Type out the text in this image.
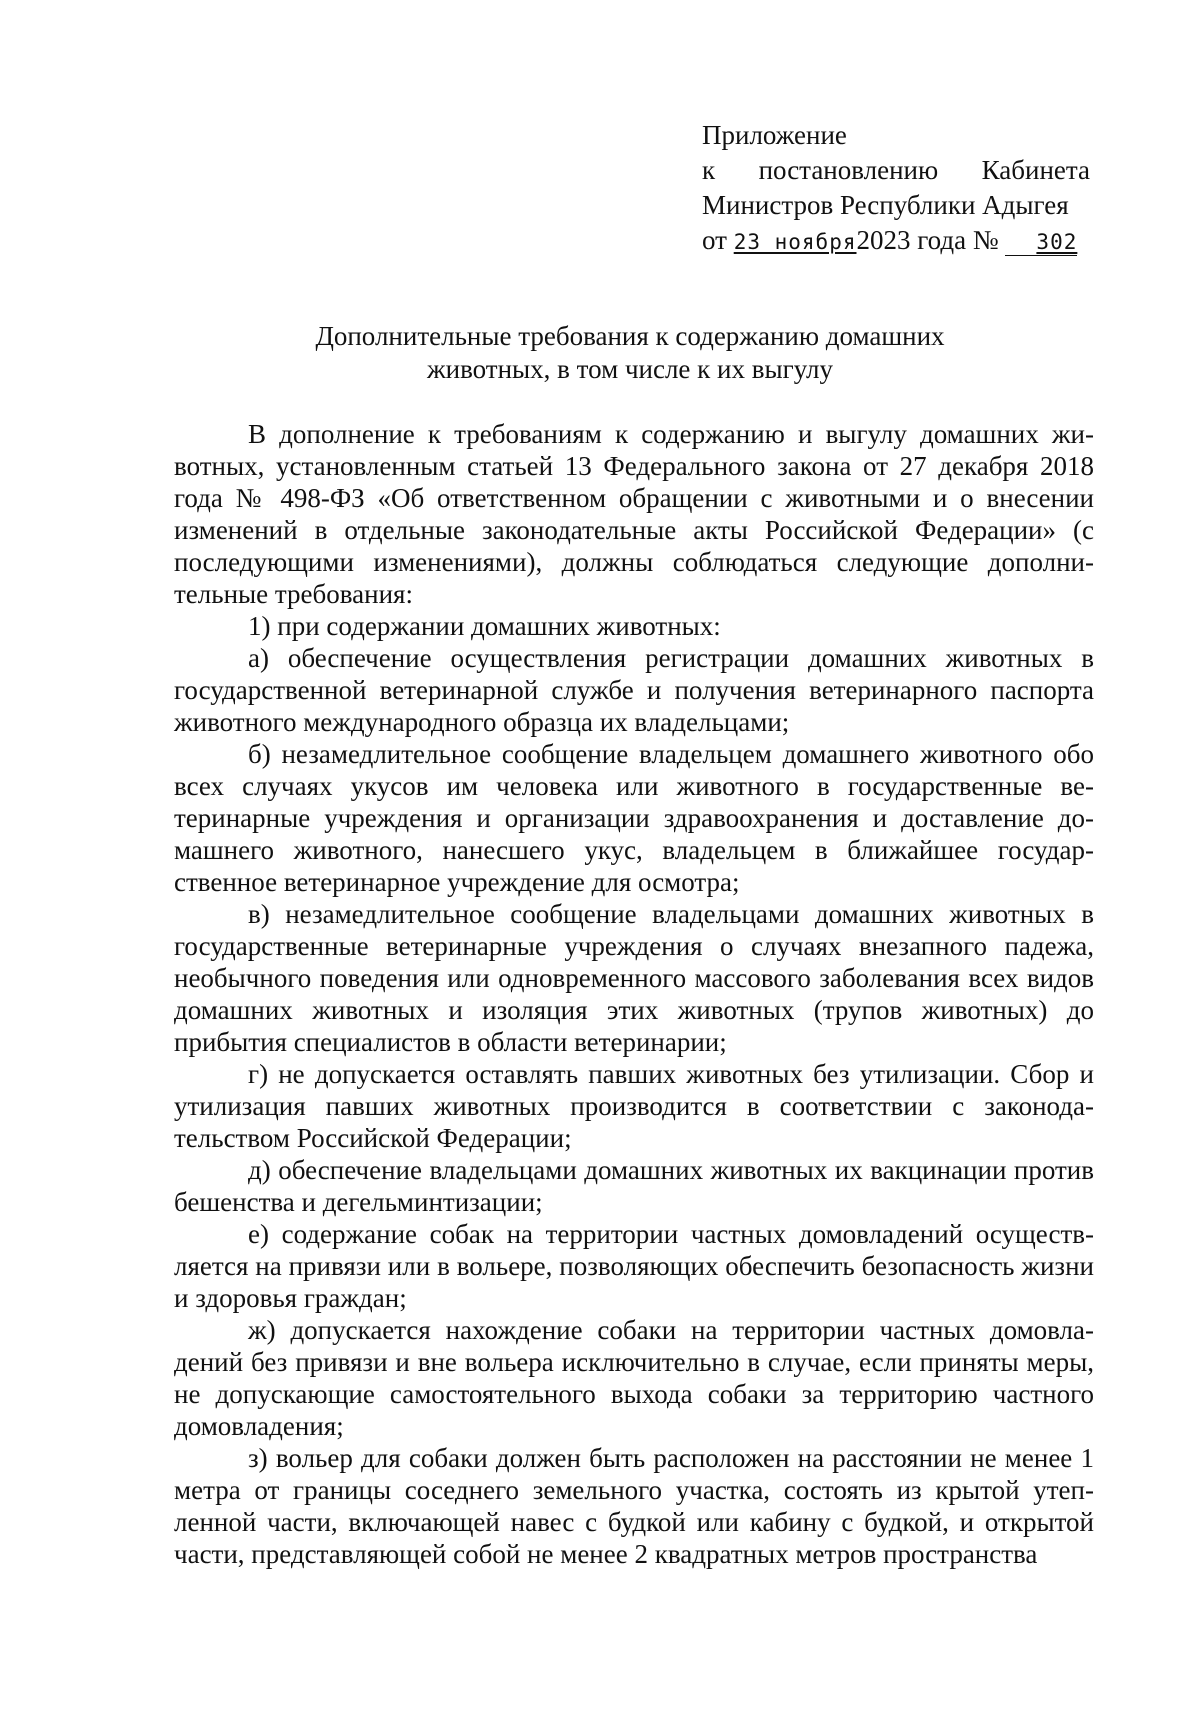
Приложение
к постановлению Кабинета
Министров Республики Адыгея
от 23 ноября2023 года № 302
Дополнительные требования к содержанию домашних
животных, в том числе к их выгулу

В дополнение к требованиям к содержанию и выгулу домашних животных, установленным статьей 13 Федерального закона от 27 декабря 2018 года № 498-ФЗ «Об ответственном обращении с животными и о внесении изменений в отдельные законодательные акты Российской Федерации» (с последующими изменениями), должны соблюдаться следующие дополнительные требования:

1) при содержании домашних животных:

а) обеспечение осуществления регистрации домашних животных в государственной ветеринарной службе и получения ветеринарного паспорта животного международного образца их владельцами;

б) незамедлительное сообщение владельцем домашнего животного обо всех случаях укусов им человека или животного в государственные ветеринарные учреждения и организации здравоохранения и доставление домашнего животного, нанесшего укус, владельцем в ближайшее государственное ветеринарное учреждение для осмотра;

в) незамедлительное сообщение владельцами домашних животных в государственные ветеринарные учреждения о случаях внезапного падежа, необычного поведения или одновременного массового заболевания всех видов домашних животных и изоляция этих животных (трупов животных) до прибытия специалистов в области ветеринарии;

г) не допускается оставлять павших животных без утилизации. Сбор и утилизация павших животных производится в соответствии с законодательством Российской Федерации;

д) обеспечение владельцами домашних животных их вакцинации против бешенства и дегельминтизации;

е) содержание собак на территории частных домовладений осуществляется на привязи или в вольере, позволяющих обеспечить безопасность жизни и здоровья граждан;

ж) допускается нахождение собаки на территории частных домовладений без привязи и вне вольера исключительно в случае, если приняты меры, не допускающие самостоятельного выхода собаки за территорию частного домовладения;

з) вольер для собаки должен быть расположен на расстоянии не менее 1 метра от границы соседнего земельного участка, состоять из крытой утепленной части, включающей навес с будкой или кабину с будкой, и открытой части, представляющей собой не менее 2 квадратных метров пространства
